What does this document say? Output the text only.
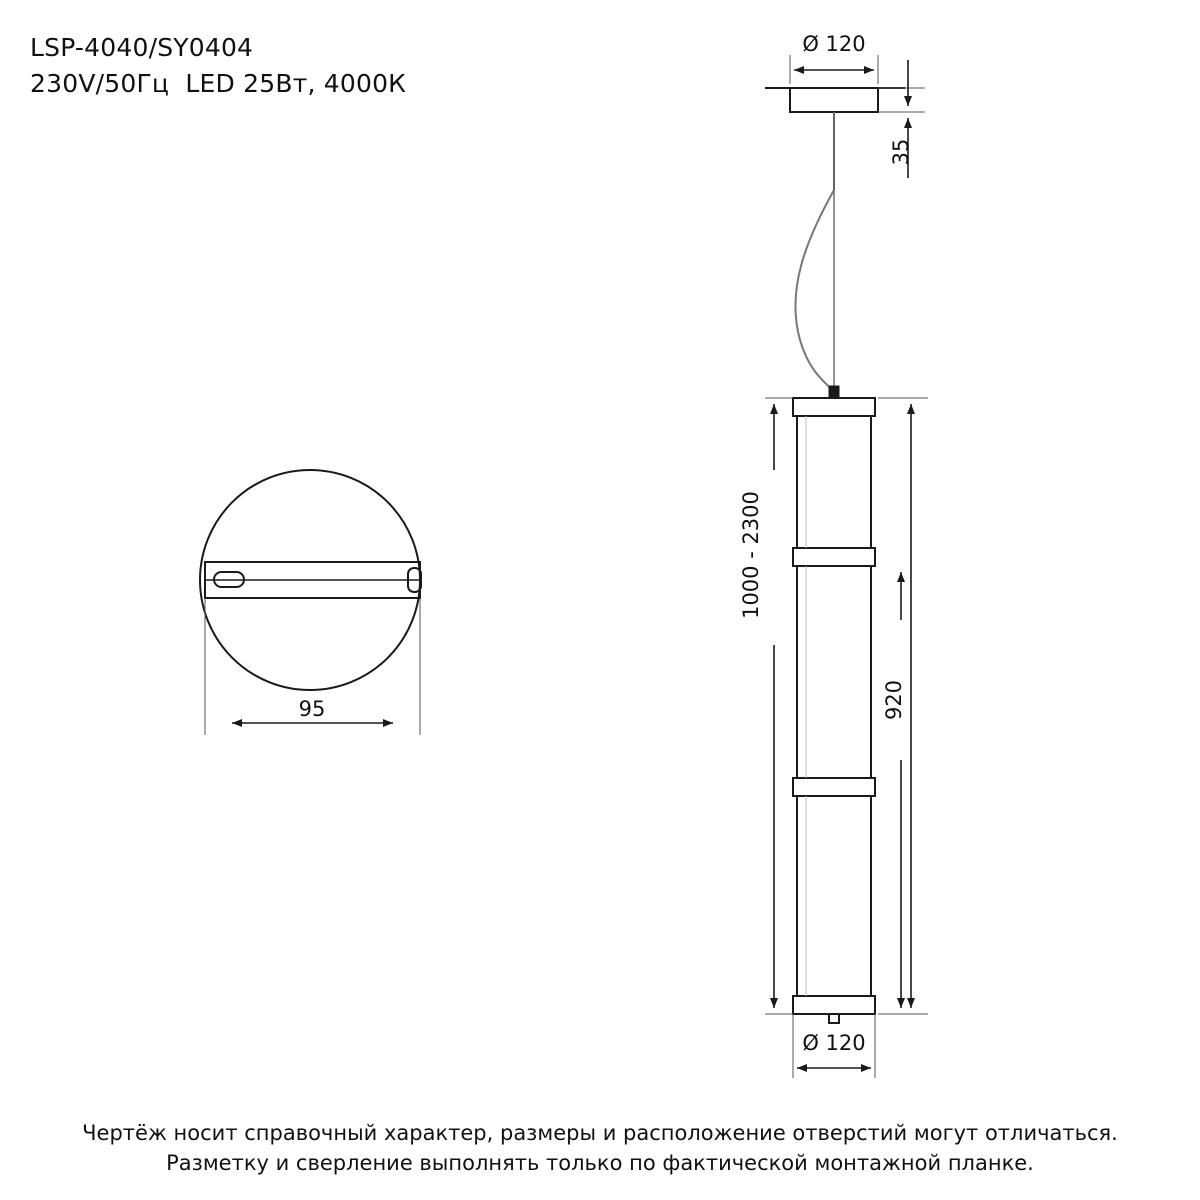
LSP-4040/SY0404
230V/50Гц  LED 25Вт, 4000К
95
Ø 120
35
1000 - 2300
920
Ø 120
Чертёж носит справочный характер, размеры и расположение отверстий могут отличаться.
Разметку и сверление выполнять только по фактической монтажной планке.
